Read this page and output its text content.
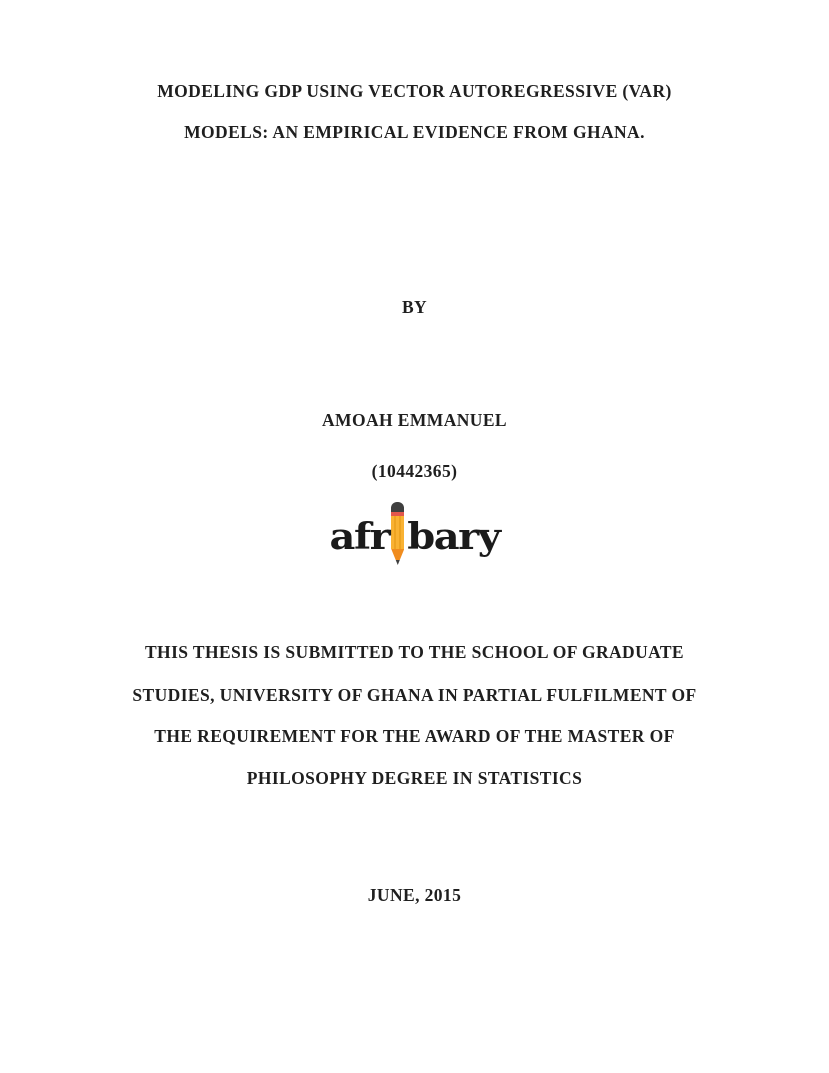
MODELING GDP USING VECTOR AUTOREGRESSIVE (VAR)
MODELS: AN EMPIRICAL EVIDENCE FROM GHANA.
BY
AMOAH EMMANUEL
(10442365)
afr bary
THIS THESIS IS SUBMITTED TO THE SCHOOL OF GRADUATE
STUDIES, UNIVERSITY OF GHANA IN PARTIAL FULFILMENT OF
THE REQUIREMENT FOR THE AWARD OF THE MASTER OF
PHILOSOPHY DEGREE IN STATISTICS
JUNE, 2015
